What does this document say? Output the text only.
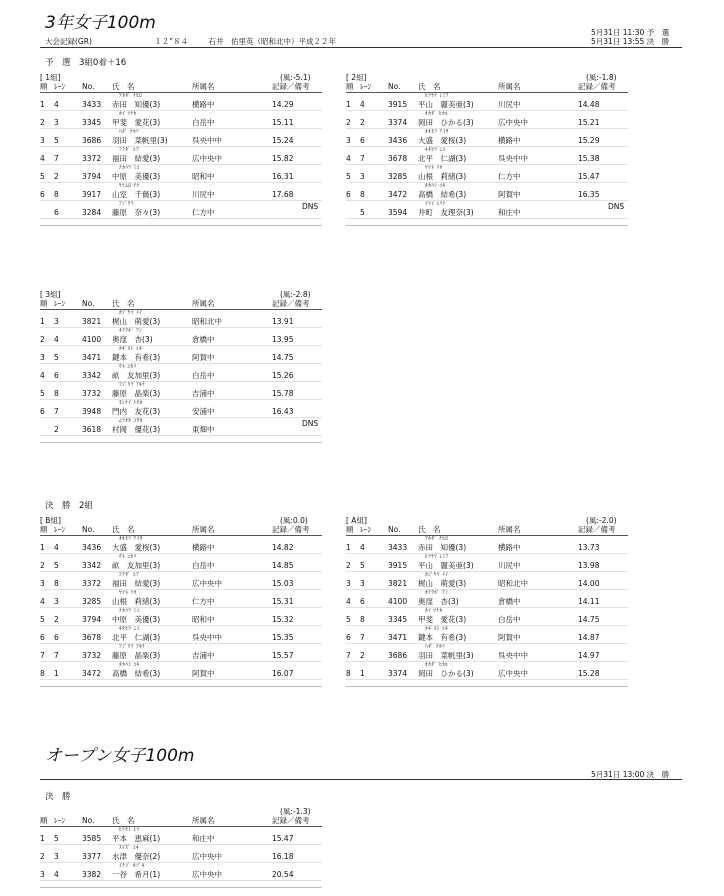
3年女子100m	5月31日 11:30 予　選
5月31日 13:55 決　勝
大会記録(GR)	１２”８４	石井　佑里英（昭和北中）平成２２年
予　選　3組0着＋16
[ 1組]	(風:-5.1)
順 ﾚｰﾝ No. 氏　名	所属名	記録／備考
ｱｶﾀﾞ ﾁﾋﾛ
1 4	3433 赤田　知優(3)	横路中	14.29
ｶｲ ﾏﾅｶ
2 3	3345 甲斐　愛花(3)	白岳中	15.11
ﾊﾀﾞ ﾅﾎﾘ
3 5	3686 羽田　菜帆里(3)	呉央中中	15.24
ﾌｸﾀﾞ ﾕｱ
4 7	3372 福田　結愛(3)	広中央中	15.82
ﾅｶﾊﾗ ﾐﾕ
5 2	3794 中原　美優(3)	昭和中	16.31
ﾔﾏﾑﾛ ﾁﾅ
6 8	3917 山室　千薇(3)	川尻中	17.68
ﾌｼﾞﾜﾗ
6	3284 藤原　奈々(3)	仁方中
DNS
[ 2組]	(風:-1.8)
順 ﾚｰﾝ No. 氏　名	所属名	記録／備考
ﾋﾗﾔﾏ ﾚﾐｱ
1 4	3915 平山　麗美亜(3)	川尻中	14.48
ｵｶﾀﾞ ﾋｶﾙ
2 2	3374 岡田　ひかる(3)	広中央中	15.21
ｵｵﾓﾘ ｱｲｻ
3 6	3436 大盛　愛桜(3)	横路中	15.29
ｷﾀﾋﾗ ﾆｺ
4 7	3678 北平　仁湖(3)	呉央中中	15.38
ﾔﾏﾈ ﾘｵ
5 3	3285 山根　莉緒(3)	仁方中	15.47
ﾀｶﾊｼ ﾕｷ
6 8	3472 高橋　結希(3)	阿賀中	16.35
ｲﾏｲ ﾕﾘﾅ
5	3594 井町　友理奈(3)	和庄中
DNS
[ 3組]	(風:-2.8)
順 ﾚｰﾝ No. 氏　名	所属名	記録／備考
ｶｼﾞﾔﾏ ﾒｲ
1 3	3821 梶山　萌愛(3)	昭和北中	13.91
ｵｸｸﾎﾞ ｱﾝ
2 4	4100 奥窪　杏(3)	倉橋中	13.95
ｶｷﾞﾓﾄ ﾕｷ
3 5	3471 鍵本　有希(3)	阿賀中	14.75
ｳﾈ ﾕｶﾘ
4 6	3342 畝　友加里(3)	白岳中	15.26
ﾌｼﾞﾜﾗ ｱｷﾅ
5 8	3732 藤原　晶楽(3)	吉浦中	15.78
ﾓﾝﾅｲ ﾄﾓｶ
6 7	3948 門内　友花(3)	安浦中	16.43
ﾑﾗｵｶ ﾕｳｶ
2	3618 村岡　優花(3)	東畑中
DNS
決　勝　2組
[ B組]	(風:0.0)
順 ﾚｰﾝ No. 氏　名	所属名	記録／備考
ｵｵﾓﾘ ｱｲｻ
1 4	3436 大盛　愛桜(3)	横路中	14.82
ｳﾈ ﾕｶﾘ
2 5	3342 畝　友加里(3)	白岳中	14.85
ﾌｸﾀﾞ ﾕｱ
3 8	3372 福田　結愛(3)	広中央中	15.03
ﾔﾏﾈ ﾘｵ
4 3	3285 山根　莉緒(3)	仁方中	15.31
ﾅｶﾊﾗ ﾐﾕ
5 2	3794 中原　美優(3)	昭和中	15.32
ｷﾀﾋﾗ ﾆｺ
6 6	3678 北平　仁湖(3)	呉央中中	15.35
ﾌｼﾞﾜﾗ ｱｷﾅ
7 7	3732 藤原　晶楽(3)	吉浦中	15.57
ﾀｶﾊｼ ﾕｷ
8 1	3472 高橋　結希(3)	阿賀中	16.07
[ A組]	(風:-2.0)
順 ﾚｰﾝ No. 氏　名	所属名	記録／備考
ｱｶﾀﾞ ﾁﾋﾛ
1 4	3433 赤田　知優(3)	横路中	13.73
ﾋﾗﾔﾏ ﾚﾐｱ
2 5	3915 平山　麗美亜(3)	川尻中	13.98
ｶｼﾞﾔﾏ ﾒｲ
3 3	3821 梶山　萌愛(3)	昭和北中	14.00
ｵｸｸﾎﾞ ｱﾝ
4 6	4100 奥窪　杏(3)	倉橋中	14.11
ｶｲ ﾏﾅｶ
5 8	3345 甲斐　愛花(3)	白岳中	14.75
ｶｷﾞﾓﾄ ﾕｷ
6 7	3471 鍵本　有希(3)	阿賀中	14.87
ﾊﾀﾞ ﾅﾎﾘ
7 2	3686 羽田　菜帆里(3)	呉央中中	14.97
ｵｶﾀﾞ ﾋｶﾙ
8 1	3374 岡田　ひかる(3)	広中央中	15.28
オープン女子100m
5月31日 13:00 決　勝
決　勝
(風:-1.3)
順 ﾚｰﾝ No. 氏　名	所属名	記録／備考
ﾋﾗﾓﾄ ｴﾏ
1 5	3585 平本　恵麻(1)	和庄中	15.47
ｽｲｽﾞ ﾕｷ
2 3	3377 水津　優奈(2)	広中央中	16.18
ｲﾁｺﾞ ｷｿﾞｷ
3 4	3382 一谷　希月(1)	広中央中	20.54
